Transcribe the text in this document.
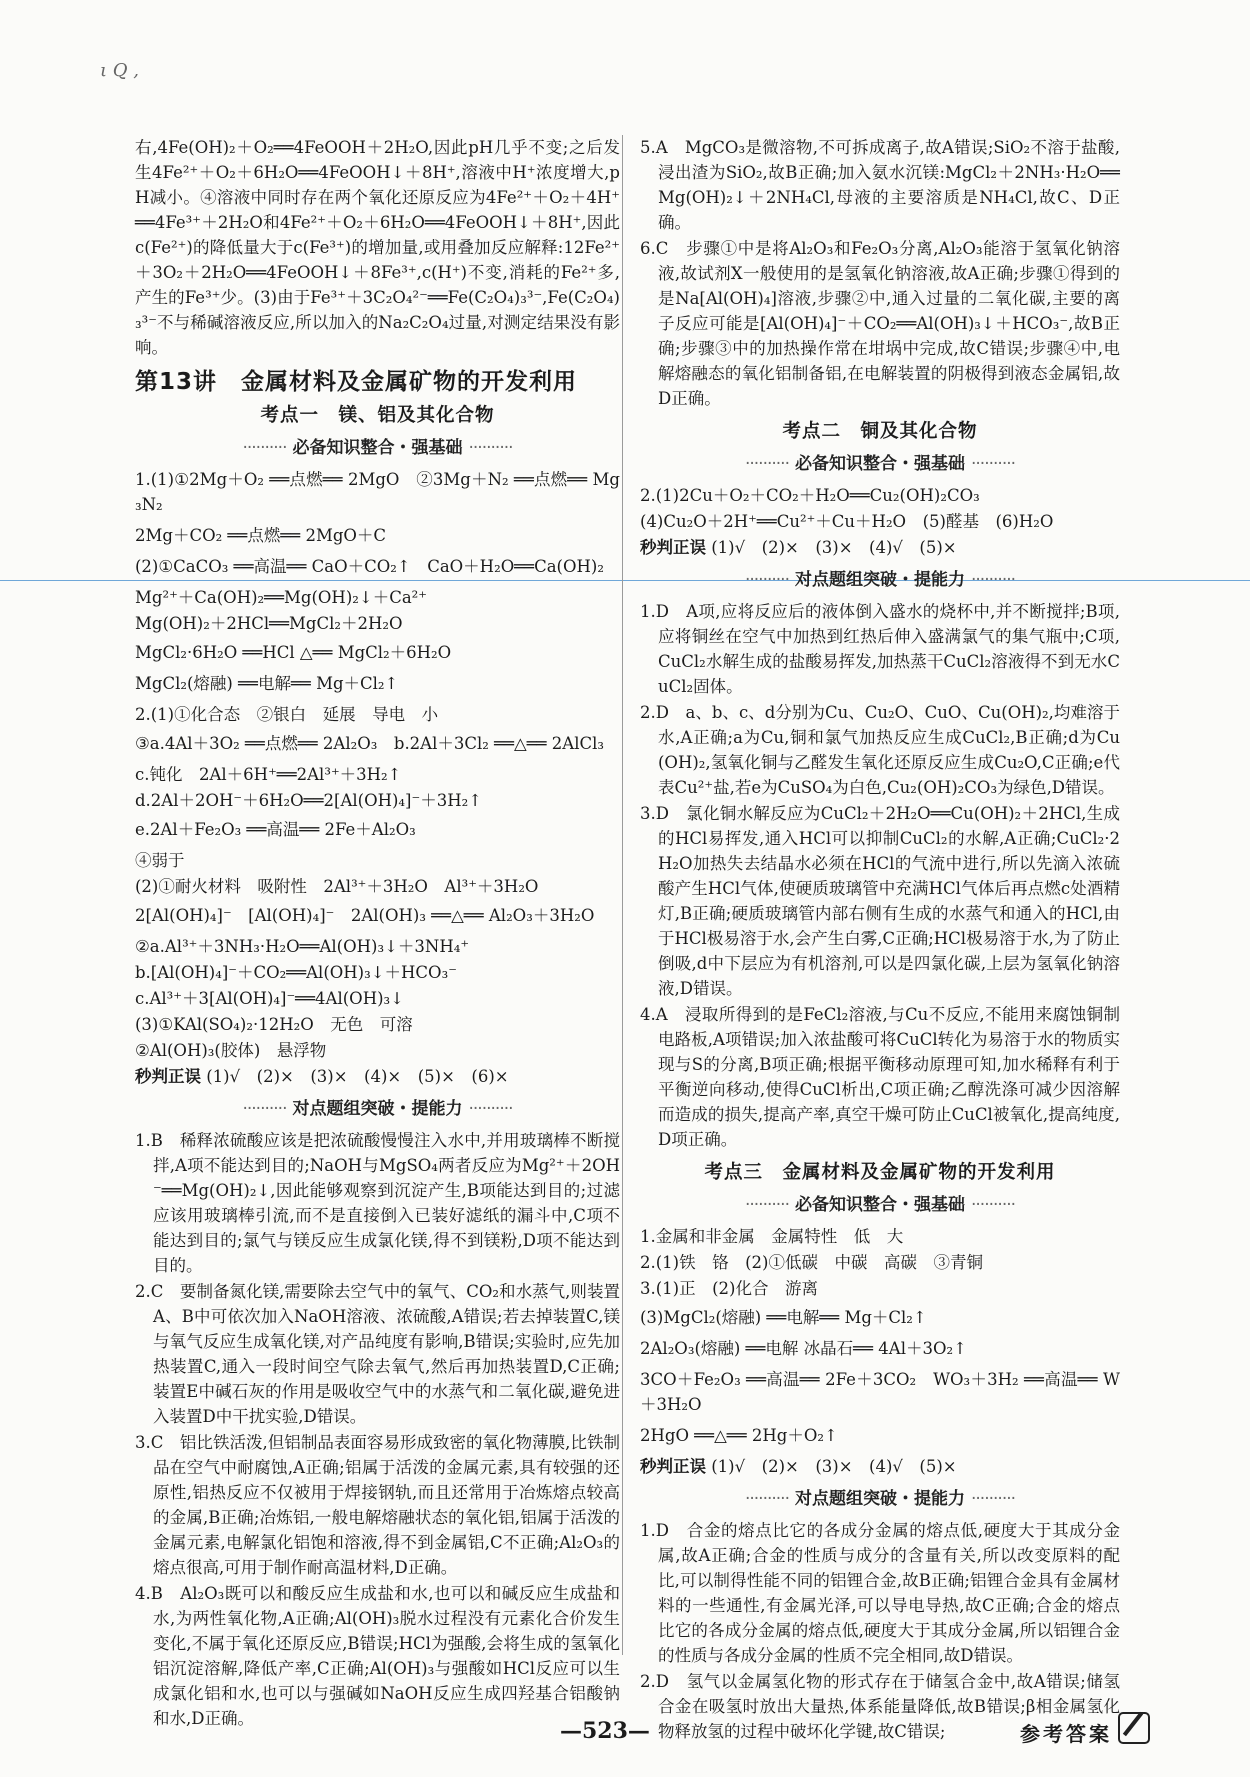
ι Q ,

右,4Fe(OH)₂＋O₂══4FeOOH＋2H₂O,因此pH几乎不变;之后发生4Fe²⁺＋O₂＋6H₂O══4FeOOH↓＋8H⁺,溶液中H⁺浓度增大,pH减小。④溶液中同时存在两个氧化还原反应为4Fe²⁺＋O₂＋4H⁺══4Fe³⁺＋2H₂O和4Fe²⁺＋O₂＋6H₂O══4FeOOH↓＋8H⁺,因此c(Fe²⁺)的降低量大于c(Fe³⁺)的增加量,或用叠加反应解释:12Fe²⁺＋3O₂＋2H₂O══4FeOOH↓＋8Fe³⁺,c(H⁺)不变,消耗的Fe²⁺多,产生的Fe³⁺少。(3)由于Fe³⁺＋3C₂O₄²⁻══Fe(C₂O₄)₃³⁻,Fe(C₂O₄)₃³⁻不与稀碱溶液反应,所以加入的Na₂C₂O₄过量,对测定结果没有影响。

第13讲　金属材料及金属矿物的开发利用
考点一　镁、铝及其化合物
····· 必备知识整合・强基础 ·····

1.(1)①2Mg＋O₂ ══点燃══ 2MgO　②3Mg＋N₂ ══点燃══ Mg₃N₂

2Mg＋CO₂ ══点燃══ 2MgO＋C

(2)①CaCO₃ ══高温══ CaO＋CO₂↑　CaO＋H₂O══Ca(OH)₂

Mg²⁺＋Ca(OH)₂══Mg(OH)₂↓＋Ca²⁺

Mg(OH)₂＋2HCl══MgCl₂＋2H₂O

MgCl₂·6H₂O ══HCl △══ MgCl₂＋6H₂O

MgCl₂(熔融) ══电解══ Mg＋Cl₂↑

2.(1)①化合态　②银白　延展　导电　小

③a.4Al＋3O₂ ══点燃══ 2Al₂O₃　b.2Al＋3Cl₂ ══△══ 2AlCl₃

c.钝化　2Al＋6H⁺══2Al³⁺＋3H₂↑

d.2Al＋2OH⁻＋6H₂O══2[Al(OH)₄]⁻＋3H₂↑

e.2Al＋Fe₂O₃ ══高温══ 2Fe＋Al₂O₃

④弱于

(2)①耐火材料　吸附性　2Al³⁺＋3H₂O　Al³⁺＋3H₂O

2[Al(OH)₄]⁻　[Al(OH)₄]⁻　2Al(OH)₃ ══△══ Al₂O₃＋3H₂O

②a.Al³⁺＋3NH₃·H₂O══Al(OH)₃↓＋3NH₄⁺

b.[Al(OH)₄]⁻＋CO₂══Al(OH)₃↓＋HCO₃⁻

c.Al³⁺＋3[Al(OH)₄]⁻══4Al(OH)₃↓

(3)①KAl(SO₄)₂·12H₂O　无色　可溶

②Al(OH)₃(胶体)　悬浮物

秒判正误 (1)√　(2)×　(3)×　(4)×　(5)×　(6)×

····· 对点题组突破・提能力 ·····

1.B　稀释浓硫酸应该是把浓硫酸慢慢注入水中,并用玻璃棒不断搅拌,A项不能达到目的;NaOH与MgSO₄两者反应为Mg²⁺＋2OH⁻══Mg(OH)₂↓,因此能够观察到沉淀产生,B项能达到目的;过滤应该用玻璃棒引流,而不是直接倒入已装好滤纸的漏斗中,C项不能达到目的;氯气与镁反应生成氯化镁,得不到镁粉,D项不能达到目的。

2.C　要制备氮化镁,需要除去空气中的氧气、CO₂和水蒸气,则装置A、B中可依次加入NaOH溶液、浓硫酸,A错误;若去掉装置C,镁与氧气反应生成氧化镁,对产品纯度有影响,B错误;实验时,应先加热装置C,通入一段时间空气除去氧气,然后再加热装置D,C正确;装置E中碱石灰的作用是吸收空气中的水蒸气和二氧化碳,避免进入装置D中干扰实验,D错误。

3.C　铝比铁活泼,但铝制品表面容易形成致密的氧化物薄膜,比铁制品在空气中耐腐蚀,A正确;铝属于活泼的金属元素,具有较强的还原性,铝热反应不仅被用于焊接钢轨,而且还常用于冶炼熔点较高的金属,B正确;冶炼铝,一般电解熔融状态的氧化铝,铝属于活泼的金属元素,电解氯化铝饱和溶液,得不到金属铝,C不正确;Al₂O₃的熔点很高,可用于制作耐高温材料,D正确。

4.B　Al₂O₃既可以和酸反应生成盐和水,也可以和碱反应生成盐和水,为两性氧化物,A正确;Al(OH)₃脱水过程没有元素化合价发生变化,不属于氧化还原反应,B错误;HCl为强酸,会将生成的氢氧化铝沉淀溶解,降低产率,C正确;Al(OH)₃与强酸如HCl反应可以生成氯化铝和水,也可以与强碱如NaOH反应生成四羟基合铝酸钠和水,D正确。

5.A　MgCO₃是微溶物,不可拆成离子,故A错误;SiO₂不溶于盐酸,浸出渣为SiO₂,故B正确;加入氨水沉镁:MgCl₂＋2NH₃·H₂O══Mg(OH)₂↓＋2NH₄Cl,母液的主要溶质是NH₄Cl,故C、D正确。

6.C　步骤①中是将Al₂O₃和Fe₂O₃分离,Al₂O₃能溶于氢氧化钠溶液,故试剂X一般使用的是氢氧化钠溶液,故A正确;步骤①得到的是Na[Al(OH)₄]溶液,步骤②中,通入过量的二氧化碳,主要的离子反应可能是[Al(OH)₄]⁻＋CO₂══Al(OH)₃↓＋HCO₃⁻,故B正确;步骤③中的加热操作常在坩埚中完成,故C错误;步骤④中,电解熔融态的氧化铝制备铝,在电解装置的阴极得到液态金属铝,故D正确。

考点二　铜及其化合物
····· 必备知识整合・强基础 ·····

2.(1)2Cu＋O₂＋CO₂＋H₂O══Cu₂(OH)₂CO₃

(4)Cu₂O＋2H⁺══Cu²⁺＋Cu＋H₂O　(5)醛基　(6)H₂O

秒判正误 (1)√　(2)×　(3)×　(4)√　(5)×

····· 对点题组突破・提能力 ·····

1.D　A项,应将反应后的液体倒入盛水的烧杯中,并不断搅拌;B项,应将铜丝在空气中加热到红热后伸入盛满氯气的集气瓶中;C项,CuCl₂水解生成的盐酸易挥发,加热蒸干CuCl₂溶液得不到无水CuCl₂固体。

2.D　a、b、c、d分别为Cu、Cu₂O、CuO、Cu(OH)₂,均难溶于水,A正确;a为Cu,铜和氯气加热反应生成CuCl₂,B正确;d为Cu(OH)₂,氢氧化铜与乙醛发生氧化还原反应生成Cu₂O,C正确;e代表Cu²⁺盐,若e为CuSO₄为白色,Cu₂(OH)₂CO₃为绿色,D错误。

3.D　氯化铜水解反应为CuCl₂＋2H₂O══Cu(OH)₂＋2HCl,生成的HCl易挥发,通入HCl可以抑制CuCl₂的水解,A正确;CuCl₂·2H₂O加热失去结晶水必须在HCl的气流中进行,所以先滴入浓硫酸产生HCl气体,使硬质玻璃管中充满HCl气体后再点燃c处酒精灯,B正确;硬质玻璃管内部右侧有生成的水蒸气和通入的HCl,由于HCl极易溶于水,会产生白雾,C正确;HCl极易溶于水,为了防止倒吸,d中下层应为有机溶剂,可以是四氯化碳,上层为氢氧化钠溶液,D错误。

4.A　浸取所得到的是FeCl₂溶液,与Cu不反应,不能用来腐蚀铜制电路板,A项错误;加入浓盐酸可将CuCl转化为易溶于水的物质实现与S的分离,B项正确;根据平衡移动原理可知,加水稀释有利于平衡逆向移动,使得CuCl析出,C项正确;乙醇洗涤可减少因溶解而造成的损失,提高产率,真空干燥可防止CuCl被氧化,提高纯度,D项正确。

考点三　金属材料及金属矿物的开发利用
····· 必备知识整合・强基础 ·····

1.金属和非金属　金属特性　低　大

2.(1)铁　铬　(2)①低碳　中碳　高碳　③青铜

3.(1)正　(2)化合　游离

(3)MgCl₂(熔融) ══电解══ Mg＋Cl₂↑

2Al₂O₃(熔融) ══电解 冰晶石══ 4Al＋3O₂↑

3CO＋Fe₂O₃ ══高温══ 2Fe＋3CO₂　WO₃＋3H₂ ══高温══ W＋3H₂O

2HgO ══△══ 2Hg＋O₂↑

秒判正误 (1)√　(2)×　(3)×　(4)√　(5)×

····· 对点题组突破・提能力 ·····

1.D　合金的熔点比它的各成分金属的熔点低,硬度大于其成分金属,故A正确;合金的性质与成分的含量有关,所以改变原料的配比,可以制得性能不同的铝锂合金,故B正确;铝锂合金具有金属材料的一些通性,有金属光泽,可以导电导热,故C正确;合金的熔点比它的各成分金属的熔点低,硬度大于其成分金属,所以铝锂合金的性质与各成分金属的性质不完全相同,故D错误。

2.D　氢气以金属氢化物的形式存在于储氢合金中,故A错误;储氢合金在吸氢时放出大量热,体系能量降低,故B错误;β相金属氢化物释放氢的过程中破坏化学键,故C错误;

—523—	参考答案
